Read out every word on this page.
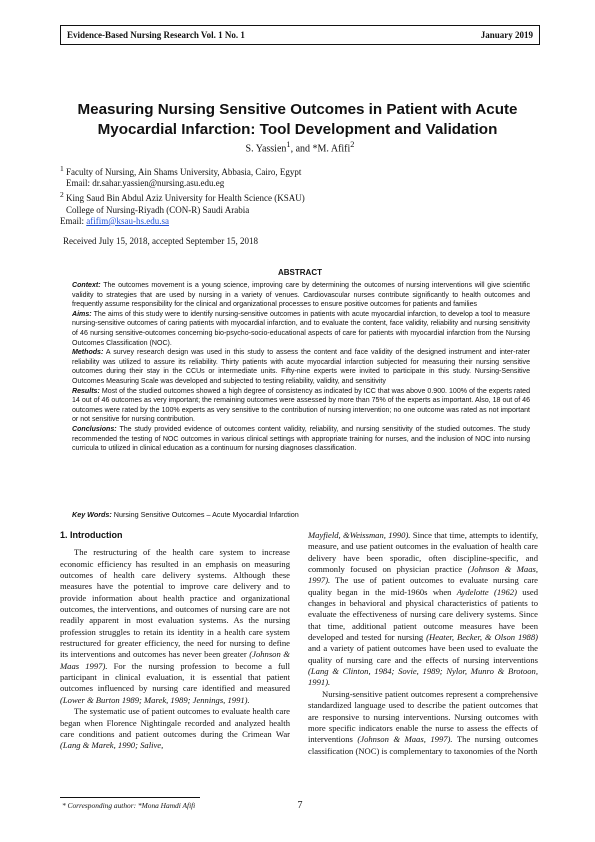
Evidence-Based Nursing Research Vol. 1 No. 1	January 2019
Measuring Nursing Sensitive Outcomes in Patient with Acute
Myocardial Infarction: Tool Development and Validation
S. Yassien$^1$, and *M. Afifi$^2$
$^1$ Faculty of Nursing, Ain Shams University, Abbasia, Cairo, Egypt
Email: dr.sahar.yassien@nursing.asu.edu.eg
$^2$ King Saud Bin Abdul Aziz University for Health Science (KSAU)
College of Nursing-Riyadh (CON-R) Saudi Arabia
Email: afifim@ksau-hs.edu.sa
Received July 15, 2018, accepted September 15, 2018
ABSTRACT

Context: The outcomes movement is a young science, improving care by determining the outcomes of nursing interventions will give scientific validity to strategies that are used by nursing in a variety of venues. Cardiovascular nurses contribute significantly to health outcomes and frequently assume responsibility for the clinical and organizational processes to ensure positive outcomes for patients and families

Aims: The aims of this study were to identify nursing-sensitive outcomes in patients with acute myocardial infarction, to develop a tool to measure nursing-sensitive outcomes of caring patients with myocardial infarction, and to evaluate the content, face validity, reliability and nursing sensitivity of 46 nursing sensitive-outcomes concerning bio-psycho-socio-educational aspects of care for patients with myocardial infarction from the Nursing Outcomes Classification (NOC).

Methods: A survey research design was used in this study to assess the content and face validity of the designed instrument and inter-rater reliability was utilized to assure its reliability. Thirty patients with acute myocardial infarction subjected for measuring their nursing sensitive outcomes during their stay in the CCUs or intermediate units. Fifty-nine experts were invited to participate in this study. Nursing-Sensitive Outcomes Measuring Scale was developed and subjected to testing reliability, validity, and sensitivity

Results: Most of the studied outcomes showed a high degree of consistency as indicated by ICC that was above 0.900. 100% of the experts rated 14 out of 46 outcomes as very important; the remaining outcomes were assessed by more than 75% of the experts as important. Also, 18 out of 46 outcomes were rated by the 100% experts as very sensitive to the contribution of nursing intervention; no one outcome was rated as not important or not sensitive for nursing contribution.

Conclusions: The study provided evidence of outcomes content validity, reliability, and nursing sensitivity of the studied outcomes. The study recommended the testing of NOC outcomes in various clinical settings with appropriate training for nurses, and the inclusion of NOC into nursing curricula to utilized in clinical education as a continuum for nursing diagnoses classification.

Key Words: Nursing Sensitive Outcomes – Acute Myocardial Infarction

1. Introduction

The restructuring of the health care system to increase economic efficiency has resulted in an emphasis on measuring outcomes of health care delivery systems. Although these measures have the potential to improve care delivery and to provide information about health practice and organizational outcomes, the interventions, and outcomes of nursing care are not readily apparent in most evaluation systems. As the nursing profession struggles to retain its identity in a health care system restructured for greater efficiency, the need for nursing to define its interventions and outcomes has never been greater (Johnson & Maas 1997). For the nursing profession to become a full participant in clinical evaluation, it is essential that patient outcomes influenced by nursing care identified and measured (Lower & Burton 1989; Marek, 1989; Jennings, 1991).

The systematic use of patient outcomes to evaluate health care began when Florence Nightingale recorded and analyzed health care conditions and patient outcomes during the Crimean War (Lang & Marek, 1990; Salive,

Mayfield, &Weissman, 1990). Since that time, attempts to identify, measure, and use patient outcomes in the evaluation of health care delivery have been sporadic, often discipline-specific, and commonly focused on physician practice (Johnson & Maas, 1997). The use of patient outcomes to evaluate nursing care quality began in the mid-1960s when Aydelotte (1962) used changes in behavioral and physical characteristics of patients to evaluate the effectiveness of nursing care delivery systems. Since that time, additional patient outcome measures have been developed and tested for nursing (Heater, Becker, & Olson 1988) and a variety of patient outcomes have been used to evaluate the quality of nursing care and the effects of nursing interventions (Lang & Clinton, 1984; Sovie, 1989; Nylor, Munro & Brotoon, 1991).

Nursing-sensitive patient outcomes represent a comprehensive standardized language used to describe the patient outcomes that are responsive to nursing interventions. Nursing outcomes with more specific indicators enable the nurse to assess the effects of interventions (Johnson & Maas, 1997). The nursing outcomes classification (NOC) is complementary to taxonomies of the North

* Corresponding author: *Mona Hamdi Afifi	7
